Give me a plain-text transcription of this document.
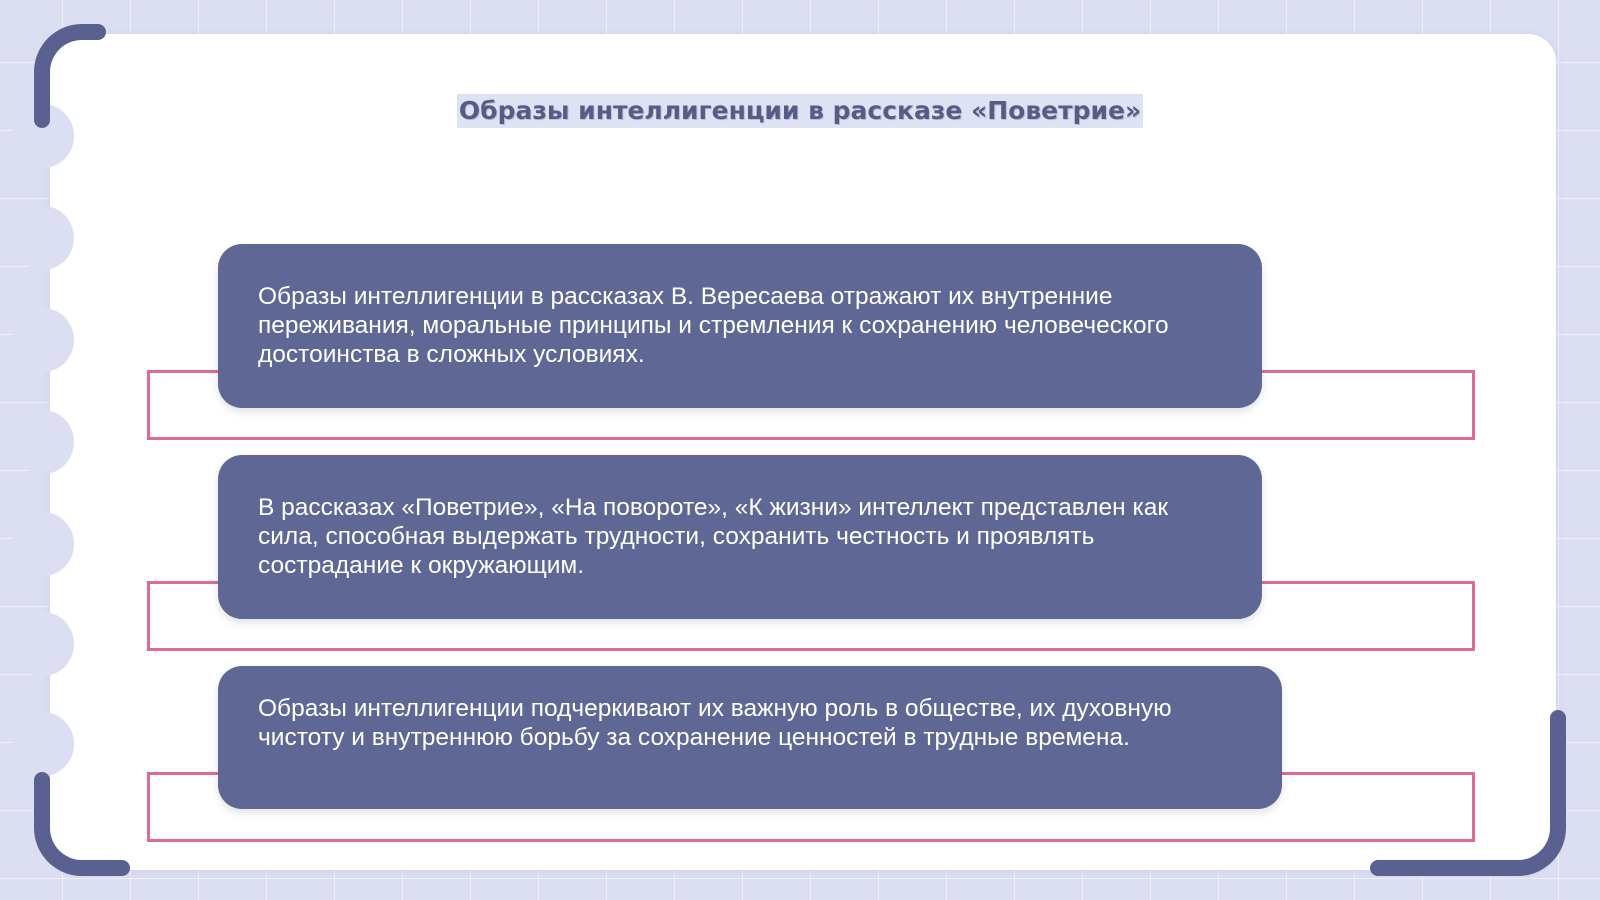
Образы интеллигенции в рассказе «Поветрие»

Образы интеллигенции в рассказах В. Вересаева отражают их внутренние переживания, моральные принципы и стремления к сохранению человеческого достоинства в сложных условиях.

В рассказах «Поветрие», «На повороте», «К жизни» интеллект представлен как сила, способная выдержать трудности, сохранить честность и проявлять сострадание к окружающим.

Образы интеллигенции подчеркивают их важную роль в обществе, их духовную чистоту и внутреннюю борьбу за сохранение ценностей в трудные времена.
